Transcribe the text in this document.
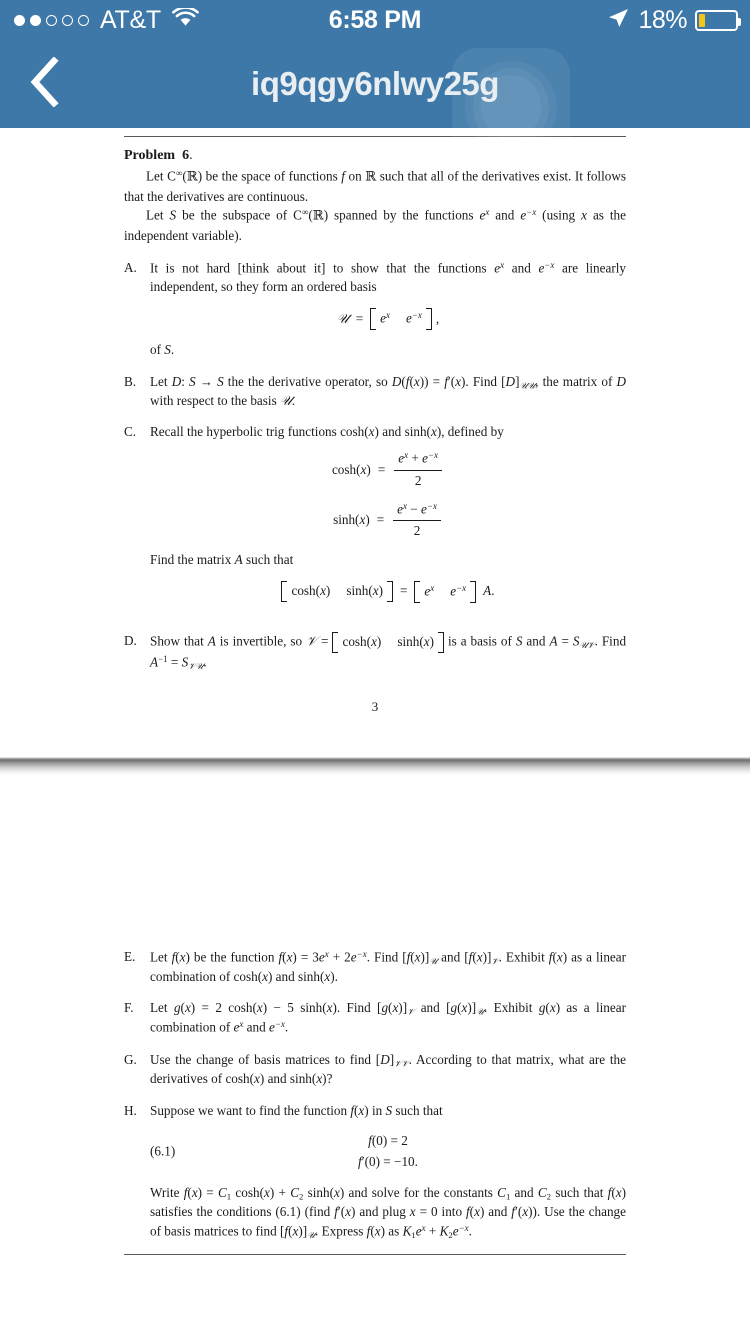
AT&T	6:58 PM	18%
iq9qgy6nlwy25g
Problem 6.

Let C∞(ℝ) be the space of functions f on ℝ such that all of the derivatives exist. It follows that the derivatives are continuous.

Let S be the subspace of C∞(ℝ) spanned by the functions $e^x$ and $e^{-x}$ (using x as the independent variable).

A. It is not hard [think about it] to show that the functions $e^x$ and $e^{-x}$ are linearly independent, so they form an ordered basis
𝒰 = $e^x$ $e^{-x}$ ,
of S.
B.	Let D: S → S the the derivative operator, so D(f(x)) = f′(x). Find $[D]_{𝒰𝒰}$, the matrix of D with respect to the basis 𝒰.
C.	Recall the hyperbolic trig functions cosh(x) and sinh(x), defined by
$\cosh(x) = \frac{e^x + e^{-x}}{2}$
$\sinh(x) = \frac{e^x - e^{-x}}{2}$
Find the matrix A such that
cosh(x) $\sinh(x) = e^x$ $e^{-x}$ A.
D. Show that A is invertible, so 𝒱 = cosh(x) sinh(x) is a basis of S and $A = S_{𝒰𝒱}$. Find $A^{-1} = S_{𝒱𝒰}$.
3
E.	Let f(x) be the function $f(x) = 3e^x + 2e^{-x}$. Find $[f(x)]_𝒰$ and $[f(x)]_𝒱$. Exhibit f(x) as a linear combination of cosh(x) and sinh(x).
F.	Let g(x) = 2 cosh(x) − 5 sinh(x). Find $[g(x)]_𝒱$ and $[g(x)]_𝒰$. Exhibit g(x) as a linear combination of $e^x$ and $e^{-x}$.
G. Use the change of basis matrices to find $[D]_{𝒱𝒱}$. According to that matrix, what are the derivatives of cosh(x) and sinh(x)?
H. Suppose we want to find the function f(x) in S such that
(6.1)
f(0) = 2
f′(0) = −10.
Write $f(x) = C_1$ $\cosh(x) + C_2$ sinh(x) and solve for the constants $C_1$ and $C_2$ such that f(x) satisfies the conditions (6.1) (find f′(x) and plug x = 0 into f(x) and f′(x)). Use the change of basis matrices to find $[f(x)]_𝒰$. Express f(x) as $K_1e^x + K_2e^{-x}$.
